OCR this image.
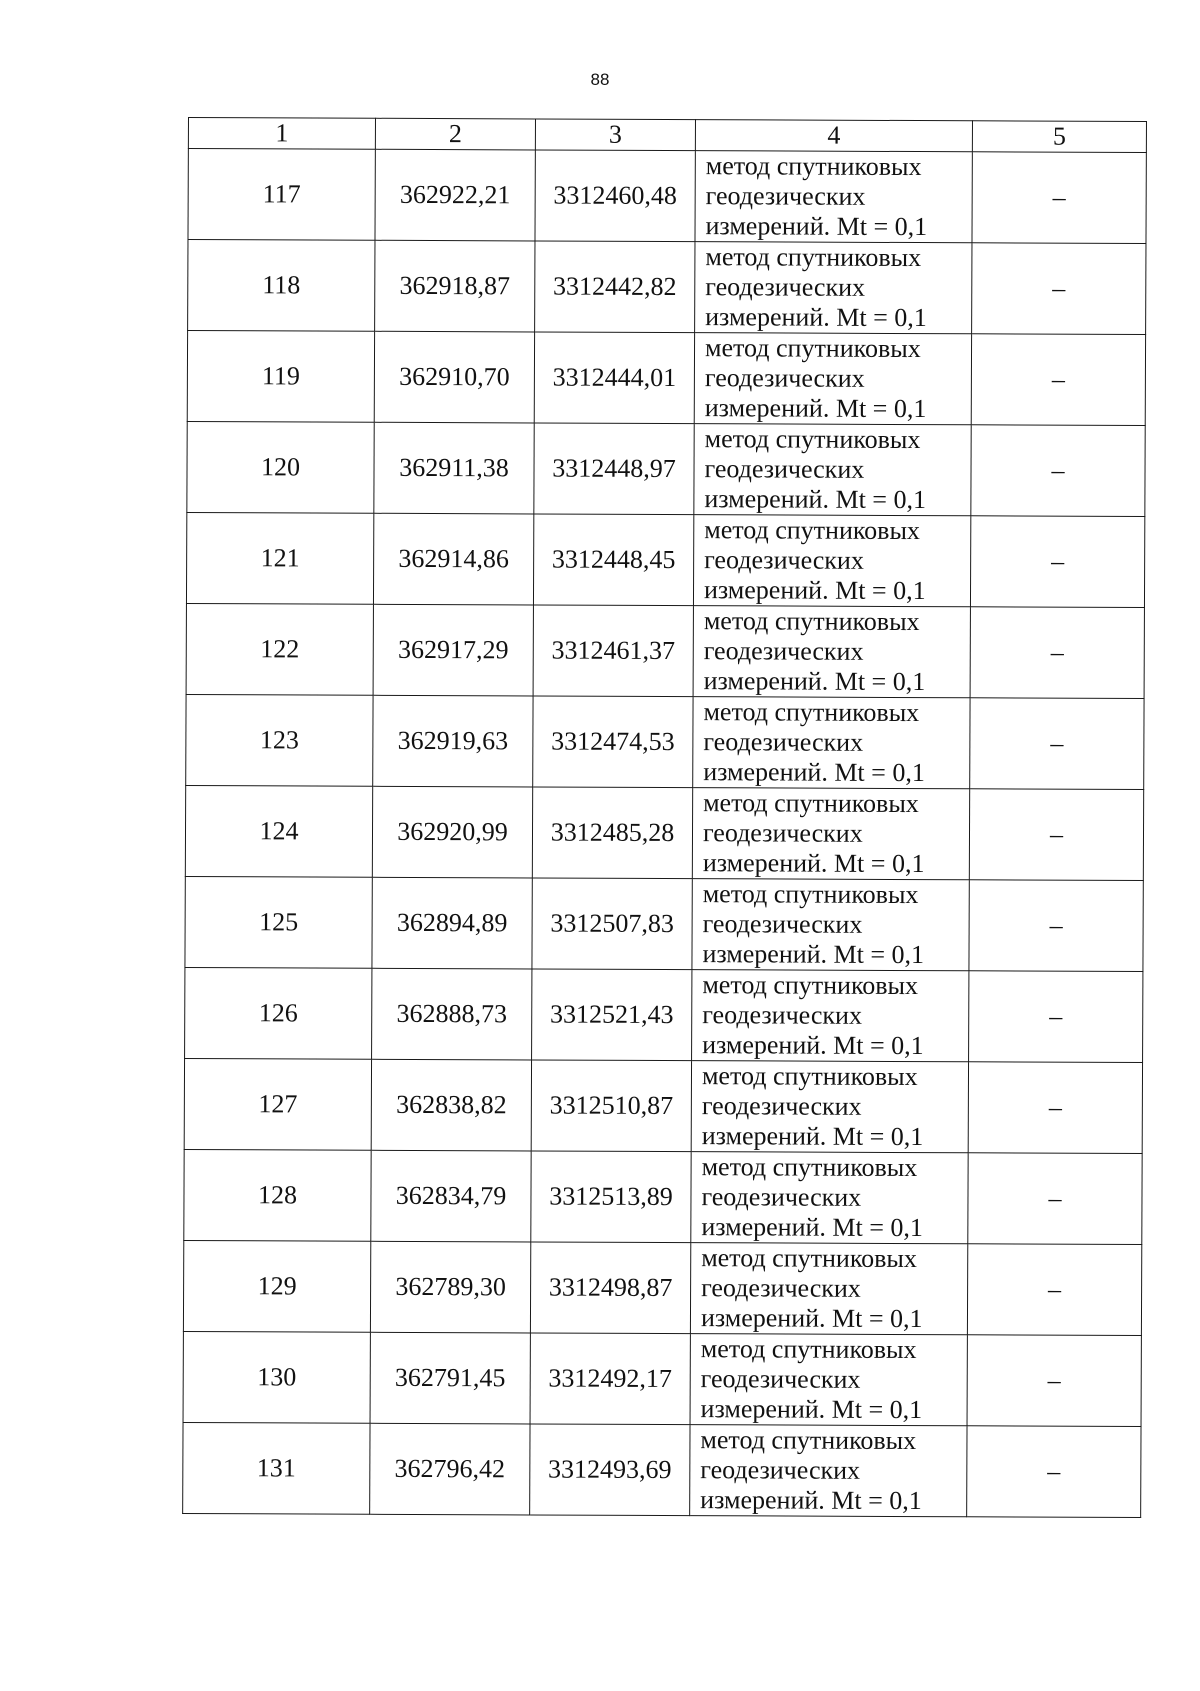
88
1	2	3	4	5
117	362922,21	3312460,48	метод спутниковых
геодезических
измерений. Mt = 0,1	–
118	362918,87	3312442,82	метод спутниковых
геодезических
измерений. Mt = 0,1	–
119	362910,70	3312444,01	метод спутниковых
геодезических
измерений. Mt = 0,1	–
120	362911,38	3312448,97	метод спутниковых
геодезических
измерений. Mt = 0,1	–
121	362914,86	3312448,45	метод спутниковых
геодезических
измерений. Mt = 0,1	–
122	362917,29	3312461,37	метод спутниковых
геодезических
измерений. Mt = 0,1	–
123	362919,63	3312474,53	метод спутниковых
геодезических
измерений. Mt = 0,1	–
124	362920,99	3312485,28	метод спутниковых
геодезических
измерений. Mt = 0,1	–
125	362894,89	3312507,83	метод спутниковых
геодезических
измерений. Mt = 0,1	–
126	362888,73	3312521,43	метод спутниковых
геодезических
измерений. Mt = 0,1	–
127	362838,82	3312510,87	метод спутниковых
геодезических
измерений. Mt = 0,1	–
128	362834,79	3312513,89	метод спутниковых
геодезических
измерений. Mt = 0,1	–
129	362789,30	3312498,87	метод спутниковых
геодезических
измерений. Mt = 0,1	–
130	362791,45	3312492,17	метод спутниковых
геодезических
измерений. Mt = 0,1	–
131	362796,42	3312493,69	метод спутниковых
геодезических
измерений. Mt = 0,1	–
